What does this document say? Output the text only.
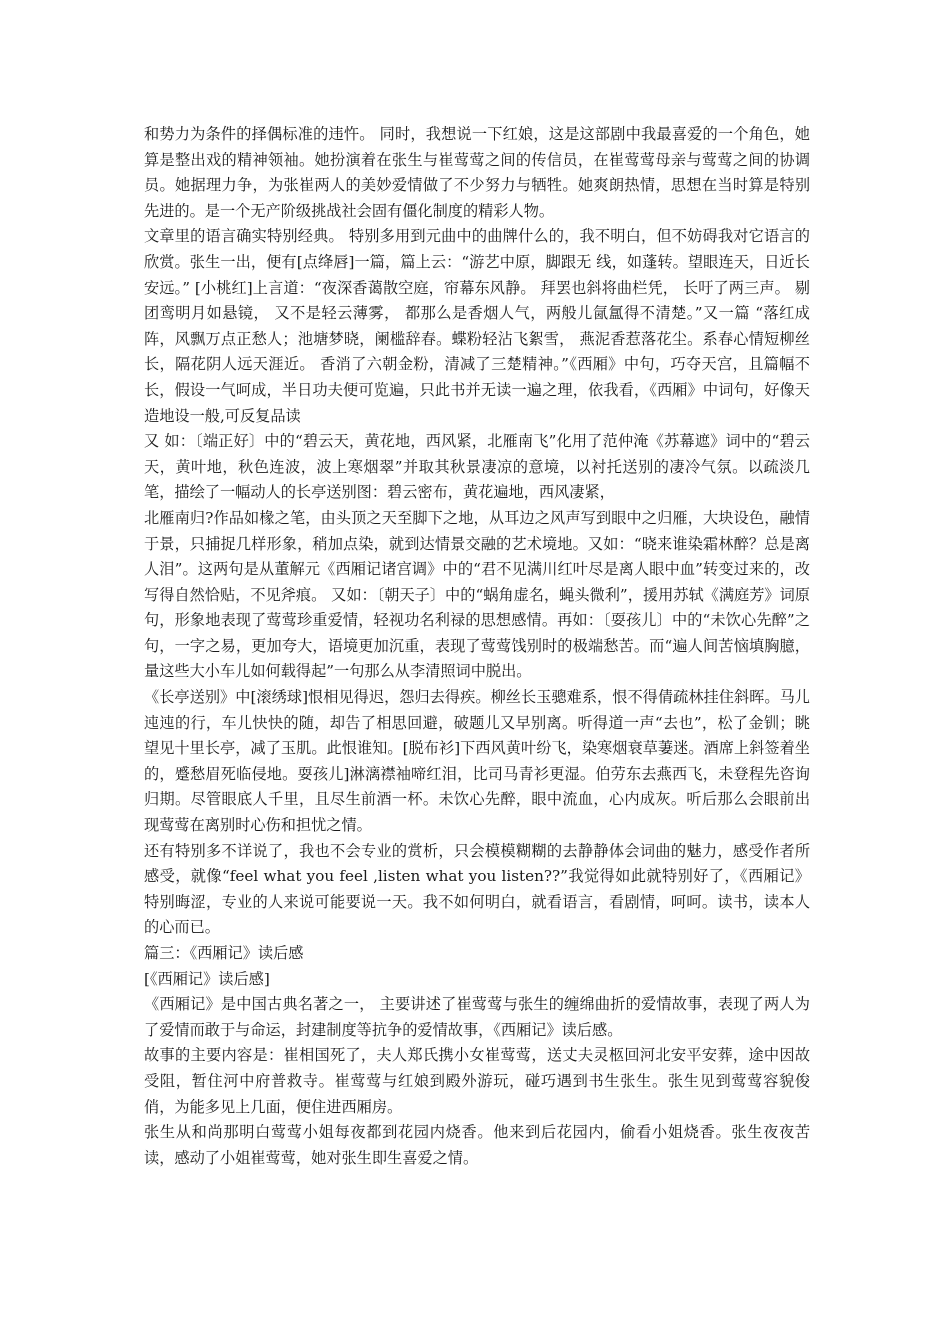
和势力为条件的择偶标准的违忤。 同时，我想说一下红娘，这是这部剧中我最喜爱的一个角色，她算是整出戏的精神领袖。她扮演着在张生与崔莺莺之间的传信员，在崔莺莺母亲与莺莺之间的协调员。她据理力争，为张崔两人的美妙爱情做了不少努力与牺牲。她爽朗热情，思想在当时算是特别先进的。是一个无产阶级挑战社会固有僵化制度的精彩人物。

文章里的语言确实特别经典。 特别多用到元曲中的曲牌什么的，我不明白，但不妨碍我对它语言的欣赏。张生一出，便有[点绛唇]一篇，篇上云：“游艺中原，脚跟无 线，如蓬转。望眼连天，日近长安远。” [小桃红]上言道：“夜深香蔼散空庭，帘幕东风静。 拜罢也斜将曲栏凭， 长吁了两三声。 剔团鸾明月如悬镜， 又不是轻云薄雾， 都那么是香烟人气，两般儿氤氲得不清楚。”又一篇 “落红成阵，风飘万点正愁人；池塘梦晓，阑槛辞春。蝶粉轻沾飞絮雪， 燕泥香惹落花尘。系春心情短柳丝长，隔花阴人远天涯近。 香消了六朝金粉，清减了三楚精神。”《西厢》中句，巧夺天宫，且篇幅不长，假设一气呵成，半日功夫便可览遍，只此书并无读一遍之理，依我看，《西厢》中词句，好像天造地设一般,可反复品读

又 如：〔端正好〕中的“碧云天，黄花地，西风紧，北雁南飞”化用了范仲淹《苏幕遮》词中的“碧云天，黄叶地，秋色连波，波上寒烟翠”并取其秋景凄凉的意境，以衬托送别的凄冷气氛。以疏淡几笔，描绘了一幅动人的长亭送别图：碧云密布，黄花遍地，西风凄紧，

北雁南归?作品如椽之笔，由头顶之天至脚下之地，从耳边之风声写到眼中之归雁，大块设色，融情于景，只捕捉几样形象，稍加点染，就到达情景交融的艺术境地。又如：“晓来谁染霜林醉？总是离人泪”。这两句是从董解元《西厢记诸宫调》中的“君不见满川红叶尽是离人眼中血”转变过来的，改写得自然恰贴，不见斧痕。 又如：〔朝天子〕中的“蜗角虚名，蝇头微利”，援用苏轼《满庭芳》词原句，形象地表现了莺莺珍重爱情，轻视功名利禄的思想感情。再如：〔耍孩儿〕中的“未饮心先醉”之句，一字之易，更加夸大，语境更加沉重，表现了莺莺饯别时的极端愁苦。而“遍人间苦恼填胸臆，量这些大小车儿如何载得起”一句那么从李清照词中脱出。

《长亭送别》中[滚绣球]恨相见得迟，怨归去得疾。柳丝长玉骢难系，恨不得倩疏林挂住斜晖。马儿迍迍的行，车儿快快的随，却告了相思回避，破题儿又早别离。听得道一声“去也”，松了金钏；眺望见十里长亭，减了玉肌。此恨谁知。[脱布衫]下西风黄叶纷飞，染寒烟衰草萋迷。酒席上斜签着坐的，蹙愁眉死临侵地。耍孩儿]淋漓襟袖啼红泪，比司马青衫更湿。伯劳东去燕西飞，未登程先咨询归期。尽管眼底人千里，且尽生前酒一杯。未饮心先醉，眼中流血，心内成灰。听后那么会眼前出现莺莺在离别时心伤和担忧之情。

还有特别多不详说了，我也不会专业的赏析，只会模模糊糊的去静静体会词曲的魅力，感受作者所感受，就像“feel what you feel ,listen what you listen??”我觉得如此就特别好了，《西厢记》特别晦涩，专业的人来说可能要说一天。我不如何明白，就看语言，看剧情，呵呵。读书，读本人的心而已。

篇三：《西厢记》读后感

[《西厢记》读后感]

《西厢记》是中国古典名著之一， 主要讲述了崔莺莺与张生的缠绵曲折的爱情故事，表现了两人为了爱情而敢于与命运，封建制度等抗争的爱情故事，《西厢记》读后感。

故事的主要内容是：崔相国死了，夫人郑氏携小女崔莺莺，送丈夫灵柩回河北安平安葬，途中因故受阻，暂住河中府普救寺。崔莺莺与红娘到殿外游玩，碰巧遇到书生张生。张生见到莺莺容貌俊俏，为能多见上几面，便住进西厢房。

张生从和尚那明白莺莺小姐每夜都到花园内烧香。他来到后花园内，偷看小姐烧香。张生夜夜苦读，感动了小姐崔莺莺，她对张生即生喜爱之情。
